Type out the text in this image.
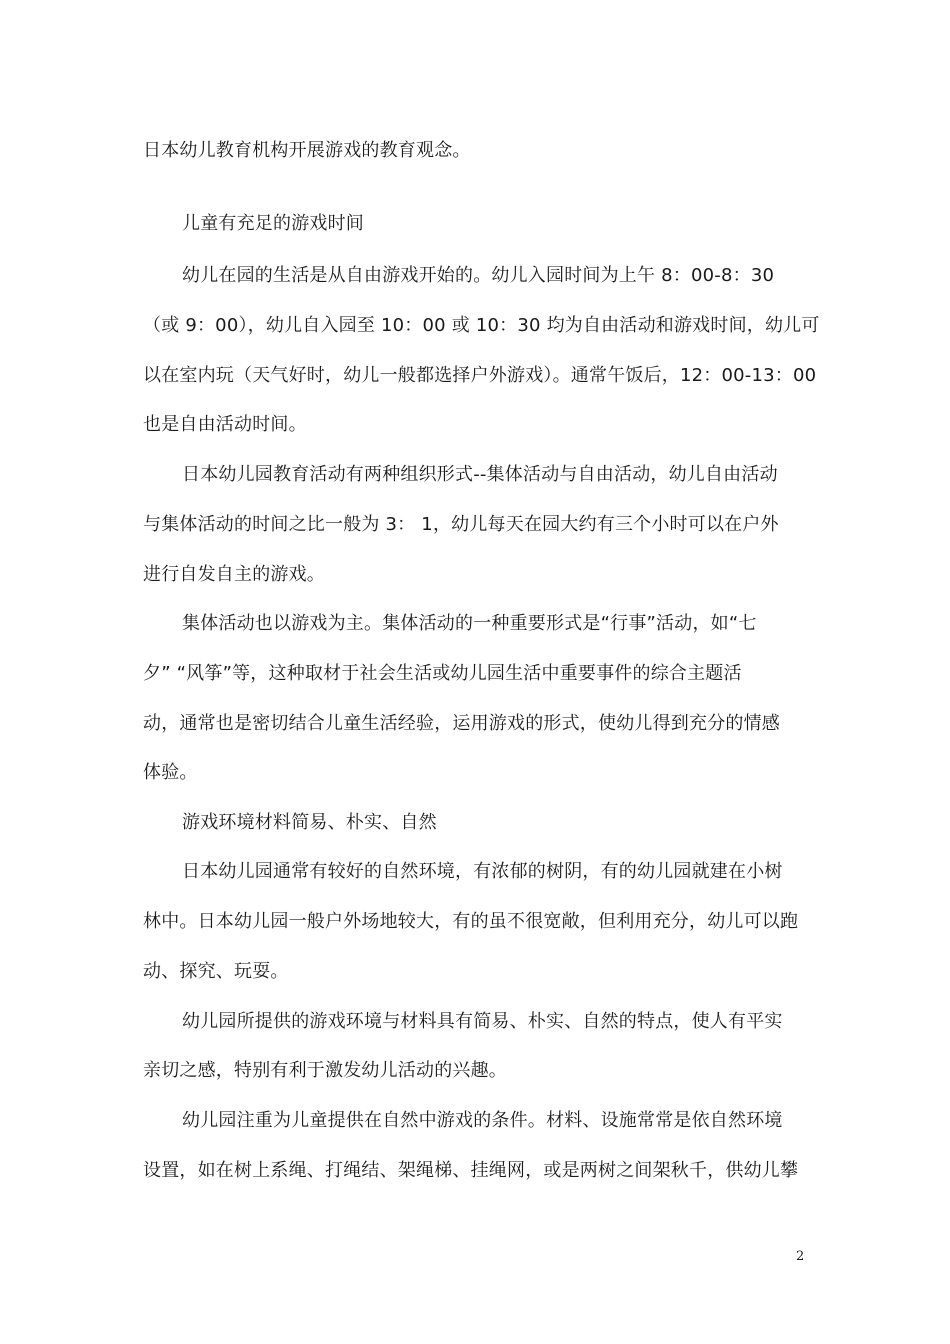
日本幼儿教育机构开展游戏的教育观念。
儿童有充足的游戏时间
幼儿在园的生活是从自由游戏开始的。幼儿入园时间为上午 8：00-8：30
（或 9：00），幼儿自入园至 10：00 或 10：30 均为自由活动和游戏时间，幼儿可
以在室内玩（天气好时，幼儿一般都选择户外游戏）。通常午饭后，12：00-13：00
也是自由活动时间。
日本幼儿园教育活动有两种组织形式--集体活动与自由活动，幼儿自由活动
与集体活动的时间之比一般为 3： 1，幼儿每天在园大约有三个小时可以在户外
进行自发自主的游戏。
集体活动也以游戏为主。集体活动的一种重要形式是“行事”活动，如“七
夕” “风筝”等，这种取材于社会生活或幼儿园生活中重要事件的综合主题活
动，通常也是密切结合儿童生活经验，运用游戏的形式，使幼儿得到充分的情感
体验。
游戏环境材料简易、朴实、自然
日本幼儿园通常有较好的自然环境，有浓郁的树阴，有的幼儿园就建在小树
林中。日本幼儿园一般户外场地较大，有的虽不很宽敞，但利用充分，幼儿可以跑
动、探究、玩耍。
幼儿园所提供的游戏环境与材料具有简易、朴实、自然的特点，使人有平实
亲切之感，特别有利于激发幼儿活动的兴趣。
幼儿园注重为儿童提供在自然中游戏的条件。材料、设施常常是依自然环境
设置，如在树上系绳、打绳结、架绳梯、挂绳网，或是两树之间架秋千，供幼儿攀
2
